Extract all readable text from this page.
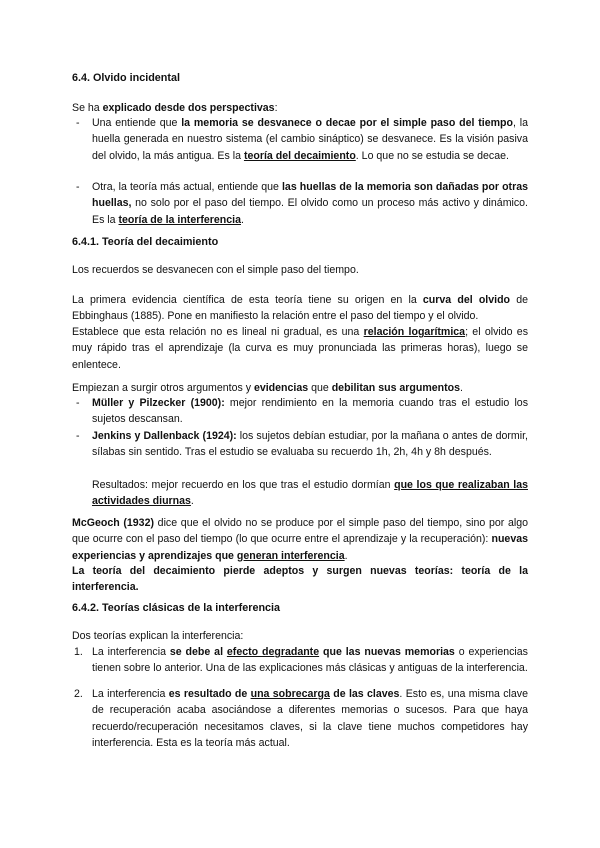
6.4. Olvido incidental
Se ha explicado desde dos perspectivas:
- Una entiende que la memoria se desvanece o decae por el simple paso del tiempo, la huella generada en nuestro sistema (el cambio sináptico) se desvanece. Es la visión pasiva del olvido, la más antigua. Es la teoría del decaimiento. Lo que no se estudia se decae.
- Otra, la teoría más actual, entiende que las huellas de la memoria son dañadas por otras huellas, no solo por el paso del tiempo. El olvido como un proceso más activo y dinámico. Es la teoría de la interferencia.
6.4.1. Teoría del decaimiento
Los recuerdos se desvanecen con el simple paso del tiempo.
La primera evidencia científica de esta teoría tiene su origen en la curva del olvido de Ebbinghaus (1885). Pone en manifiesto la relación entre el paso del tiempo y el olvido.
Establece que esta relación no es lineal ni gradual, es una relación logarítmica; el olvido es muy rápido tras el aprendizaje (la curva es muy pronunciada las primeras horas), luego se enlentece.
Empiezan a surgir otros argumentos y evidencias que debilitan sus argumentos.
- Müller y Pilzecker (1900): mejor rendimiento en la memoria cuando tras el estudio los sujetos descansan.
- Jenkins y Dallenback (1924): los sujetos debían estudiar, por la mañana o antes de dormir, sílabas sin sentido. Tras el estudio se evaluaba su recuerdo 1h, 2h, 4h y 8h después.
Resultados: mejor recuerdo en los que tras el estudio dormían que los que realizaban las actividades diurnas.
McGeoch (1932) dice que el olvido no se produce por el simple paso del tiempo, sino por algo que ocurre con el paso del tiempo (lo que ocurre entre el aprendizaje y la recuperación): nuevas experiencias y aprendizajes que generan interferencia.
La teoría del decaimiento pierde adeptos y surgen nuevas teorías: teoría de la interferencia.
6.4.2. Teorías clásicas de la interferencia
Dos teorías explican la interferencia:
1. La interferencia se debe al efecto degradante que las nuevas memorias o experiencias tienen sobre lo anterior. Una de las explicaciones más clásicas y antiguas de la interferencia.
2. La interferencia es resultado de una sobrecarga de las claves. Esto es, una misma clave de recuperación acaba asociándose a diferentes memorias o sucesos. Para que haya recuerdo/recuperación necesitamos claves, si la clave tiene muchos competidores hay interferencia. Esta es la teoría más actual.
